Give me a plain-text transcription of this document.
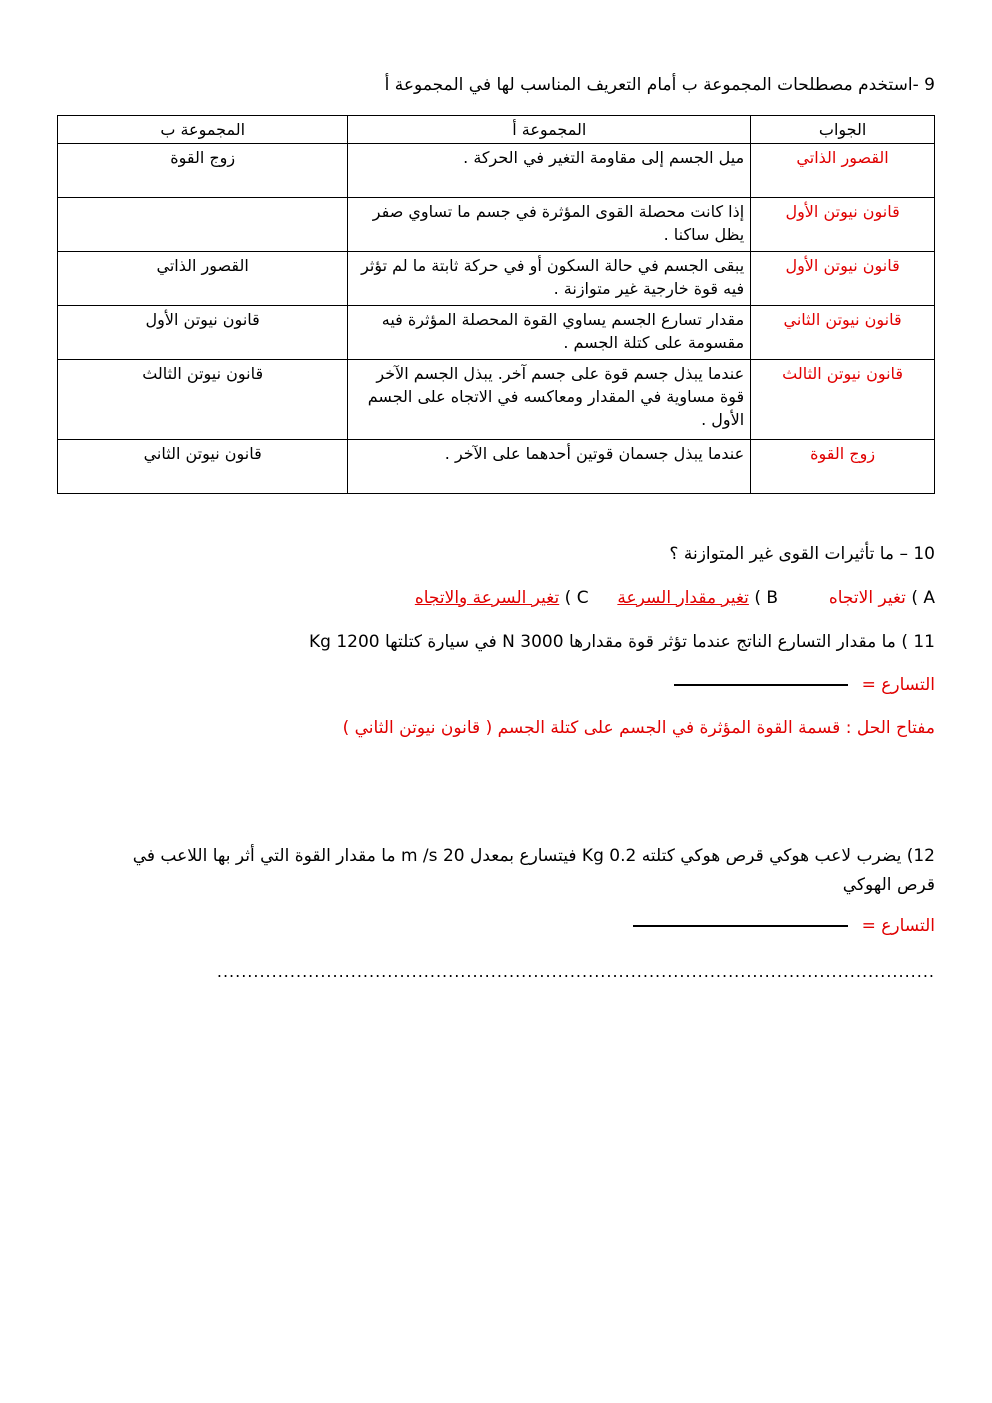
9 -استخدم مصطلحات المجموعة ب أمام التعريف المناسب لها في المجموعة أ
الجواب	المجموعة أ	المجموعة ب
القصور الذاتي	ميل الجسم إلى مقاومة التغير في الحركة .	زوج القوة
قانون نيوتن الأول	إذا كانت محصلة القوى المؤثرة في جسم ما تساوي صفر يظل ساكنا .	
قانون نيوتن الأول	يبقى الجسم في حالة السكون أو في حركة ثابتة ما لم تؤثر فيه قوة خارجية غير متوازنة .	القصور الذاتي
قانون نيوتن الثاني	مقدار تسارع الجسم يساوي القوة المحصلة المؤثرة فيه مقسومة على كتلة الجسم .	قانون نيوتن الأول
قانون نيوتن الثالث	عندما يبذل جسم قوة على جسم آخر. يبذل الجسم الآخر قوة مساوية في المقدار ومعاكسه في الاتجاه على الجسم الأول .	قانون نيوتن الثالث
زوج القوة	عندما يبذل جسمان قوتين أحدهما على الآخر .	قانون نيوتن الثاني
10 – ما تأثيرات القوى غير المتوازنة ؟
A ) تغير الاتجاه  B ) تغير مقدار السرعة  C ) تغير السرعة والاتجاه
11 ) ما مقدار التسارع الناتج عندما تؤثر قوة مقدارها 3000 N في سيارة كتلتها 1200 Kg
التسارع =
مفتاح الحل : قسمة القوة المؤثرة في الجسم على كتلة الجسم ( قانون نيوتن الثاني )
12) يضرب لاعب هوكي قرص هوكي كتلته 0.2 Kg فيتسارع بمعدل 20 m /s ما مقدار القوة التي أثر بها اللاعب في
قرص الهوكي
التسارع =
......................................................................................................................
